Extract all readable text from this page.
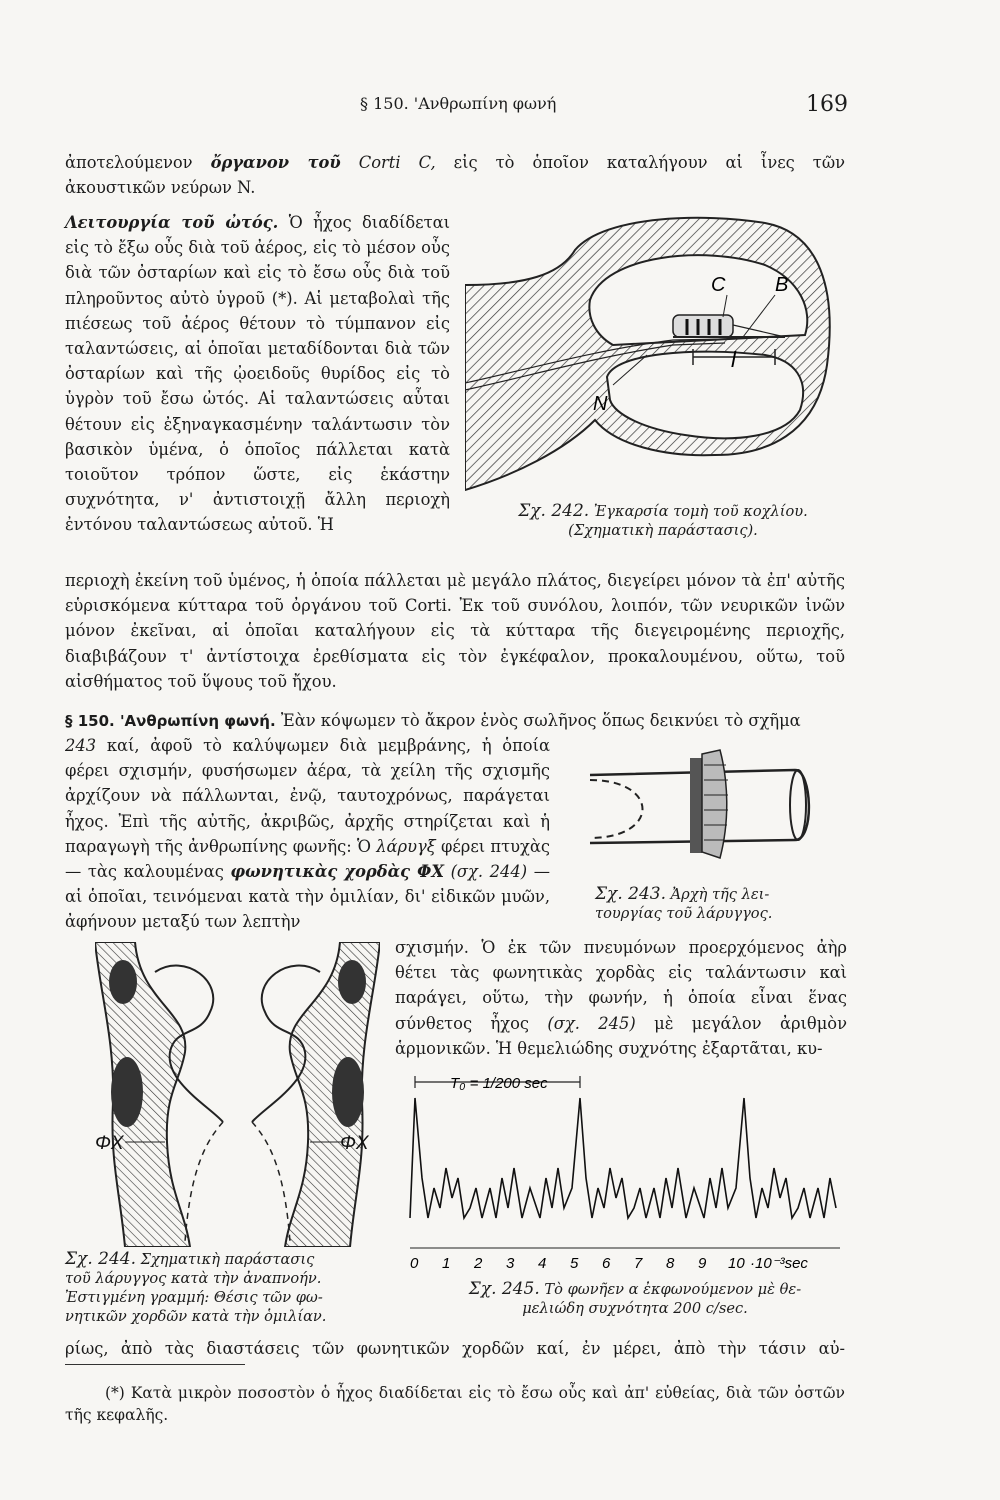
§ 150. 'Ανθρωπίνη φωνή	169
ἀποτελούμενον ὄργανον τοῦ Corti C, εἰς τὸ ὁποῖον καταλήγουν αἱ ἶνες τῶν
ἀκουστικῶν νεύρων N.
Λειτουργία τοῦ ὠτός. Ὁ ἦχος διαδίδεται εἰς τὸ ἔξω οὖς διὰ τοῦ ἀέρος, εἰς τὸ μέσον οὖς διὰ τῶν ὀσταρίων καὶ εἰς τὸ ἔσω οὖς διὰ τοῦ πληροῦντος αὐτὸ ὑγροῦ (*). Αἱ μεταβολαὶ τῆς πιέσεως τοῦ ἀέρος θέτουν τὸ τύμπανον εἰς ταλαντώσεις, αἱ ὁποῖαι μεταδίδονται διὰ τῶν ὀσταρίων καὶ τῆς ᾠοειδοῦς θυρίδος εἰς τὸ ὑγρὸν τοῦ ἔσω ὠτός. Αἱ ταλαντώσεις αὗται θέτουν εἰς ἐξηναγκασμένην ταλάντωσιν τὸν βασικὸν ὑμένα, ὁ ὁποῖος πάλλεται κατὰ τοιοῦτον τρόπον ὥστε, εἰς ἑκάστην συχνότητα, ν' ἀντιστοιχῇ ἄλλη περιοχὴ ἐντόνου ταλαντώσεως αὐτοῦ. Ἡ
C B
l
N
Σχ. 242. Ἐγκαρσία τομὴ τοῦ κοχλίου.
(Σχηματικὴ παράστασις).
περιοχὴ ἐκείνη τοῦ ὑμένος, ἡ ὁποία πάλλεται μὲ μεγάλο πλάτος, διεγείρει μόνον τὰ ἐπ' αὐτῆς εὑρισκόμενα κύτταρα τοῦ ὀργάνου τοῦ Corti. Ἐκ τοῦ συνόλου, λοιπόν, τῶν νευρικῶν ἰνῶν μόνον ἐκεῖναι, αἱ ὁποῖαι καταλήγουν εἰς τὰ κύτταρα τῆς διεγειρομένης περιοχῆς, διαβιβάζουν τ' ἀντίστοιχα ἐρεθίσματα εἰς τὸν ἐγκέφαλον, προκαλουμένου, οὕτω, τοῦ αἰσθήματος τοῦ ὕψους τοῦ ἤχου.
§ 150. 'Ανθρωπίνη φωνή. Ἐὰν κόψωμεν τὸ ἄκρον ἑνὸς σωλῆνος ὅπως δεικνύει τὸ σχῆμα
243 καί, ἀφοῦ τὸ καλύψωμεν διὰ μεμβράνης, ἡ ὁποία φέρει σχισμήν, φυσήσωμεν ἀέρα, τὰ χείλη τῆς σχισμῆς ἀρχίζουν νὰ πάλλωνται, ἐνῷ, ταυτοχρόνως, παράγεται ἦχος. Ἐπὶ τῆς αὐτῆς, ἀκριβῶς, ἀρχῆς στηρίζεται καὶ ἡ παραγωγὴ τῆς ἀνθρωπίνης φωνῆς: Ὁ λάρυγξ φέρει πτυχὰς — τὰς καλουμένας φωνητικὰς χορδὰς ΦΧ (σχ. 244) — αἱ ὁποῖαι, τεινόμεναι κατὰ τὴν ὁμιλίαν, δι' εἰδικῶν μυῶν, ἀφήνουν μεταξύ των λεπτὴν
Σχ. 243. Ἀρχὴ τῆς λει-
τουργίας τοῦ λάρυγγος.
σχισμήν. Ὁ ἐκ τῶν πνευμόνων προερχόμενος ἀὴρ θέτει τὰς φωνητικὰς χορδὰς εἰς ταλάντωσιν καὶ παράγει, οὕτω, τὴν φωνήν, ἡ ὁποία εἶναι ἕνας σύνθετος ἦχος (σχ. 245) μὲ μεγάλον ἀριθμὸν ἁρμονικῶν. Ἡ θεμελιώδης συχνότης ἐξαρτᾶται, κυ-
ΦΧ	ΦΧ
Σχ. 244. Σχηματικὴ παράστασις
τοῦ λάρυγγος κατὰ τὴν ἀναπνοήν.
Ἐστιγμένη γραμμή: Θέσις τῶν φω-
νητικῶν χορδῶν κατὰ τὴν ὁμιλίαν.
T₀ = 1/200 sec
0 1 2 3 4 5 6 7 8 9 10 ·10⁻³sec
Σχ. 245. Τὸ φωνῆεν α ἐκφωνούμενον μὲ θε-
μελιώδη συχνότητα 200 c/sec.
ρίως, ἀπὸ τὰς διαστάσεις τῶν φωνητικῶν χορδῶν καί, ἐν μέρει, ἀπὸ τὴν τάσιν αὐ-
(*) Κατὰ μικρὸν ποσοστὸν ὁ ἦχος διαδίδεται εἰς τὸ ἔσω οὖς καὶ ἀπ' εὐθείας, διὰ τῶν ὀστῶν τῆς κεφαλῆς.
